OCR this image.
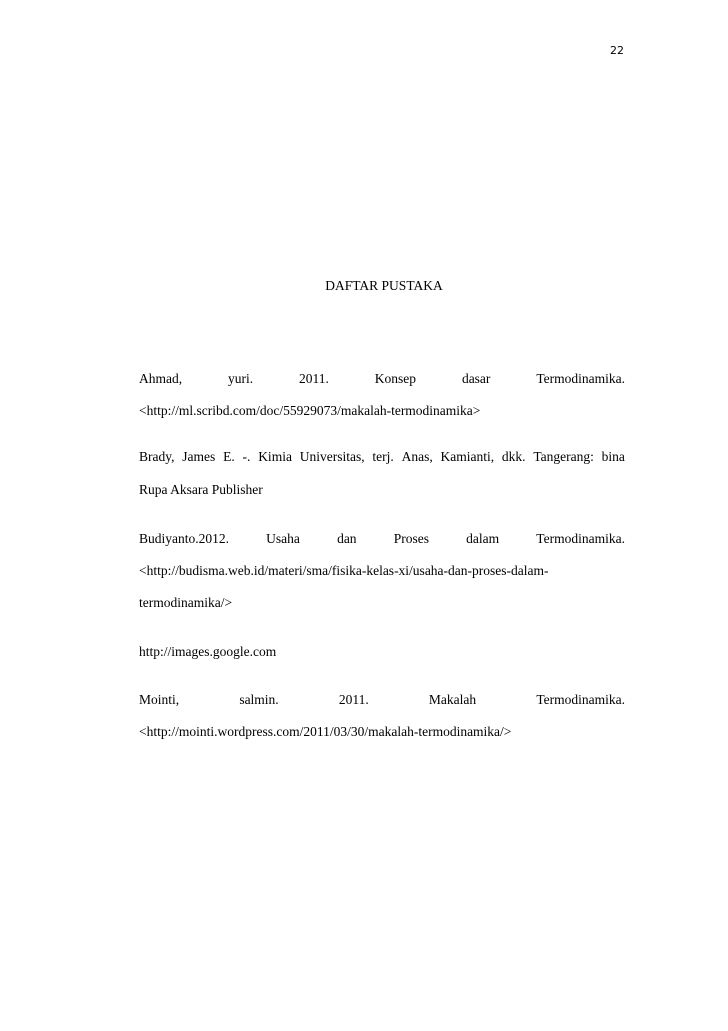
22
DAFTAR PUSTAKA
Ahmad,	yuri.	2011.	Konsep	dasar	Termodinamika.
<http://ml.scribd.com/doc/55929073/makalah-termodinamika>
Brady, James E. -. Kimia Universitas, terj. Anas, Kamianti, dkk. Tangerang: bina
Rupa Aksara Publisher
Budiyanto.2012.	Usaha	dan	Proses	dalam	Termodinamika.
<http://budisma.web.id/materi/sma/fisika-kelas-xi/usaha-dan-proses-dalam-
termodinamika/>
http://images.google.com
Mointi,	salmin.	2011.	Makalah	Termodinamika.
<http://mointi.wordpress.com/2011/03/30/makalah-termodinamika/>
